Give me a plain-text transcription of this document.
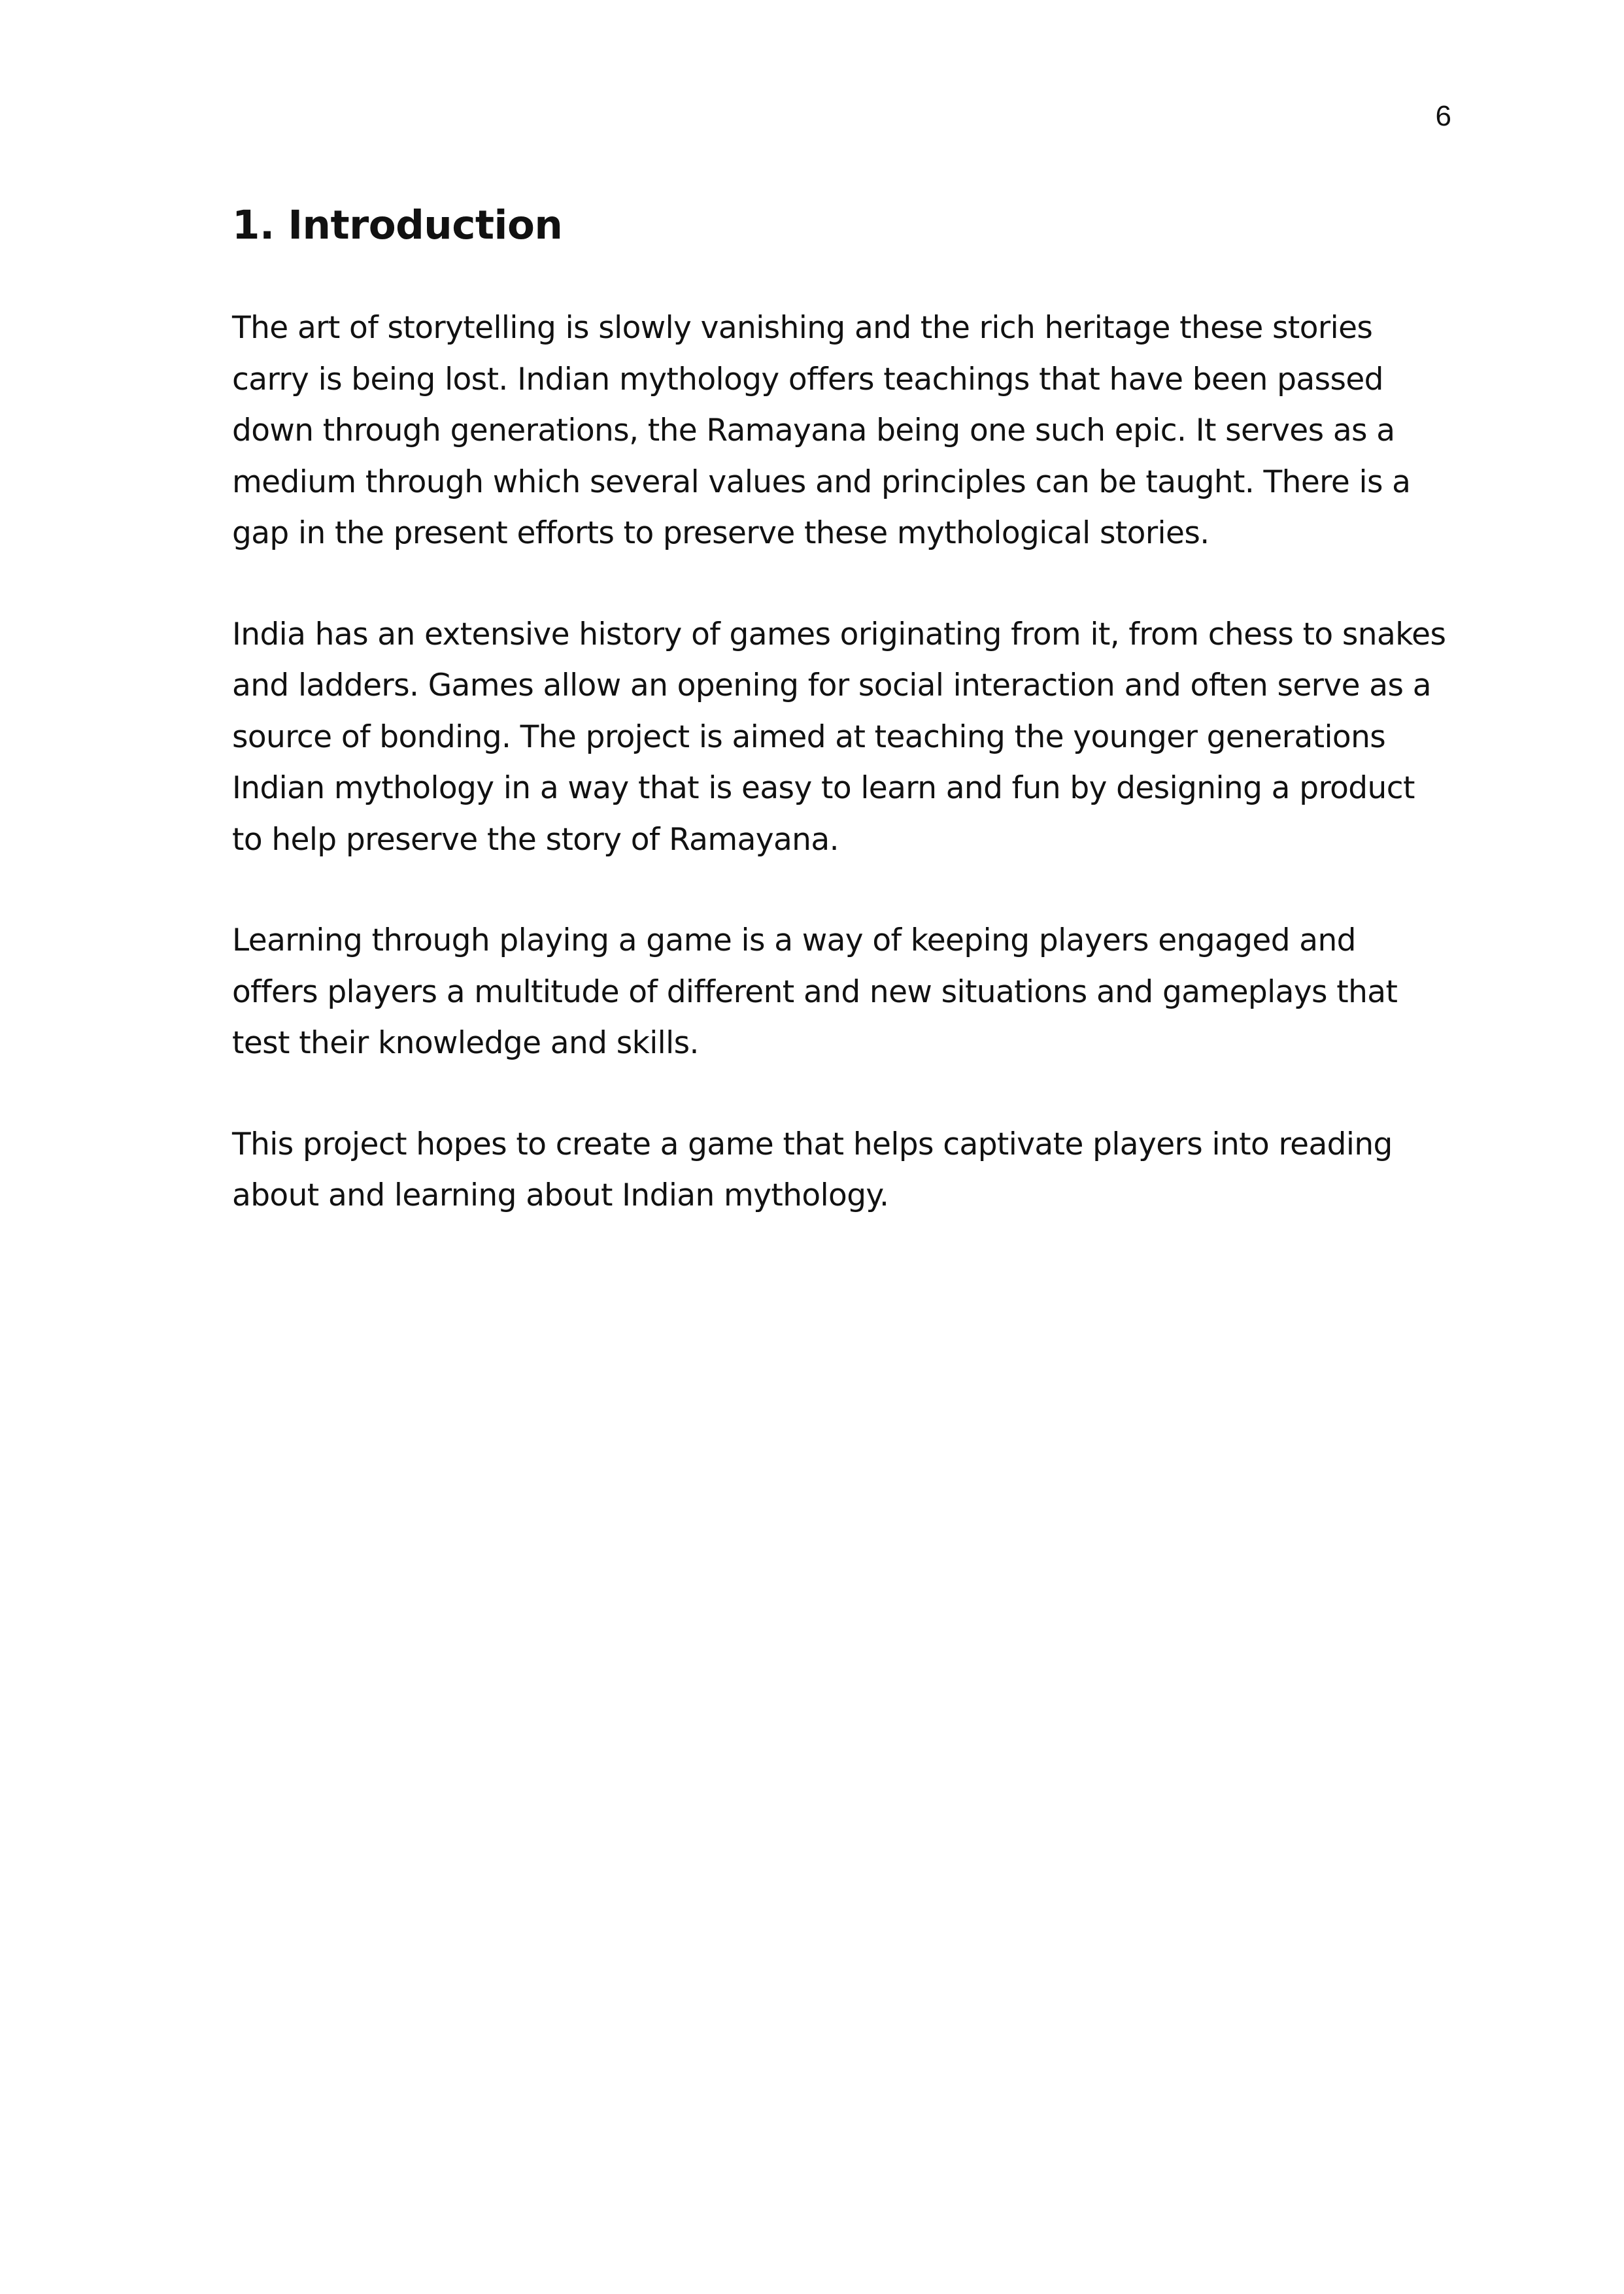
6
1. Introduction

The art of storytelling is slowly vanishing and the rich heritage these stories carry is being lost. Indian mythology offers teachings that have been passed down through generations, the Ramayana being one such epic. It serves as a medium through which several values and principles can be taught. There is a gap in the present efforts to preserve these mythological stories.

India has an extensive history of games originating from it, from chess to snakes and ladders. Games allow an opening for social interaction and often serve as a source of bonding. The project is aimed at teaching the younger generations Indian mythology in a way that is easy to learn and fun by designing a product to help preserve the story of Ramayana.

Learning through playing a game is a way of keeping players engaged and offers players a multitude of different and new situations and gameplays that test their knowledge and skills.

This project hopes to create a game that helps captivate players into reading about and learning about Indian mythology.
